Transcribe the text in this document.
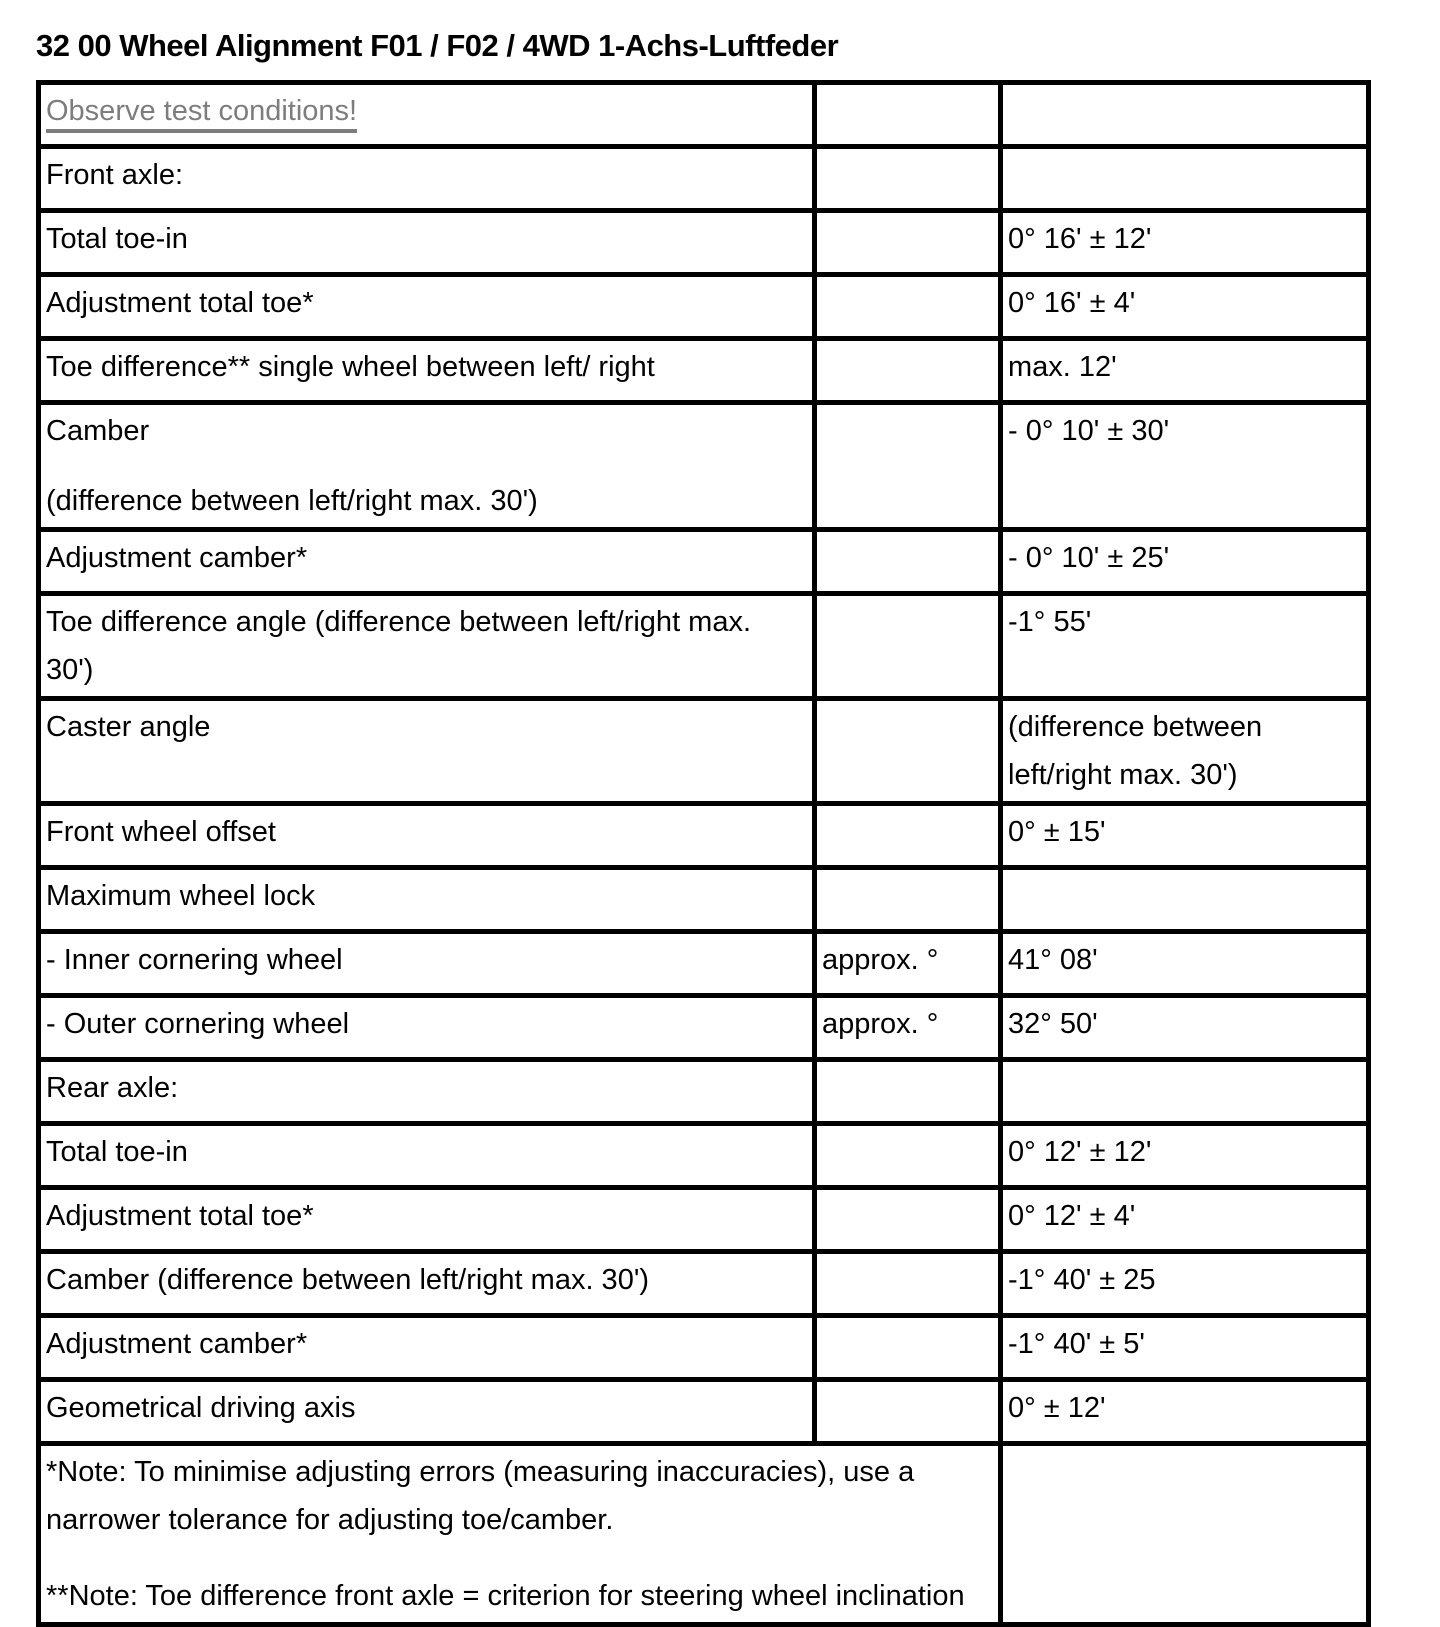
32 00 Wheel Alignment F01 / F02 / 4WD 1-Achs-Luftfeder
Observe test conditions!		

Front axle:		

Total toe-in		0° 16' ± 12'

Adjustment total toe*		0° 16' ± 4'

Toe difference** single wheel between left/ right		max. 12'

Camber
(difference between left/right max. 30')		- 0° 10' ± 30'

Adjustment camber*		- 0° 10' ± 25'

Toe difference angle (difference between left/right max. 30')		-1° 55'

Caster angle		(difference between left/right max. 30')

Front wheel offset		0° ± 15'

Maximum wheel lock		

- Inner cornering wheel	approx. °	41° 08'

- Outer cornering wheel	approx. °	32° 50'

Rear axle:		

Total toe-in		0° 12' ± 12'

Adjustment total toe*		0° 12' ± 4'

Camber (difference between left/right max. 30')		-1° 40' ± 25

Adjustment camber*		-1° 40' ± 5'

Geometrical driving axis		0° ± 12'

*Note: To minimise adjusting errors (measuring inaccuracies), use a narrower tolerance for adjusting toe/camber.
**Note: Toe difference front axle = criterion for steering wheel inclination		
